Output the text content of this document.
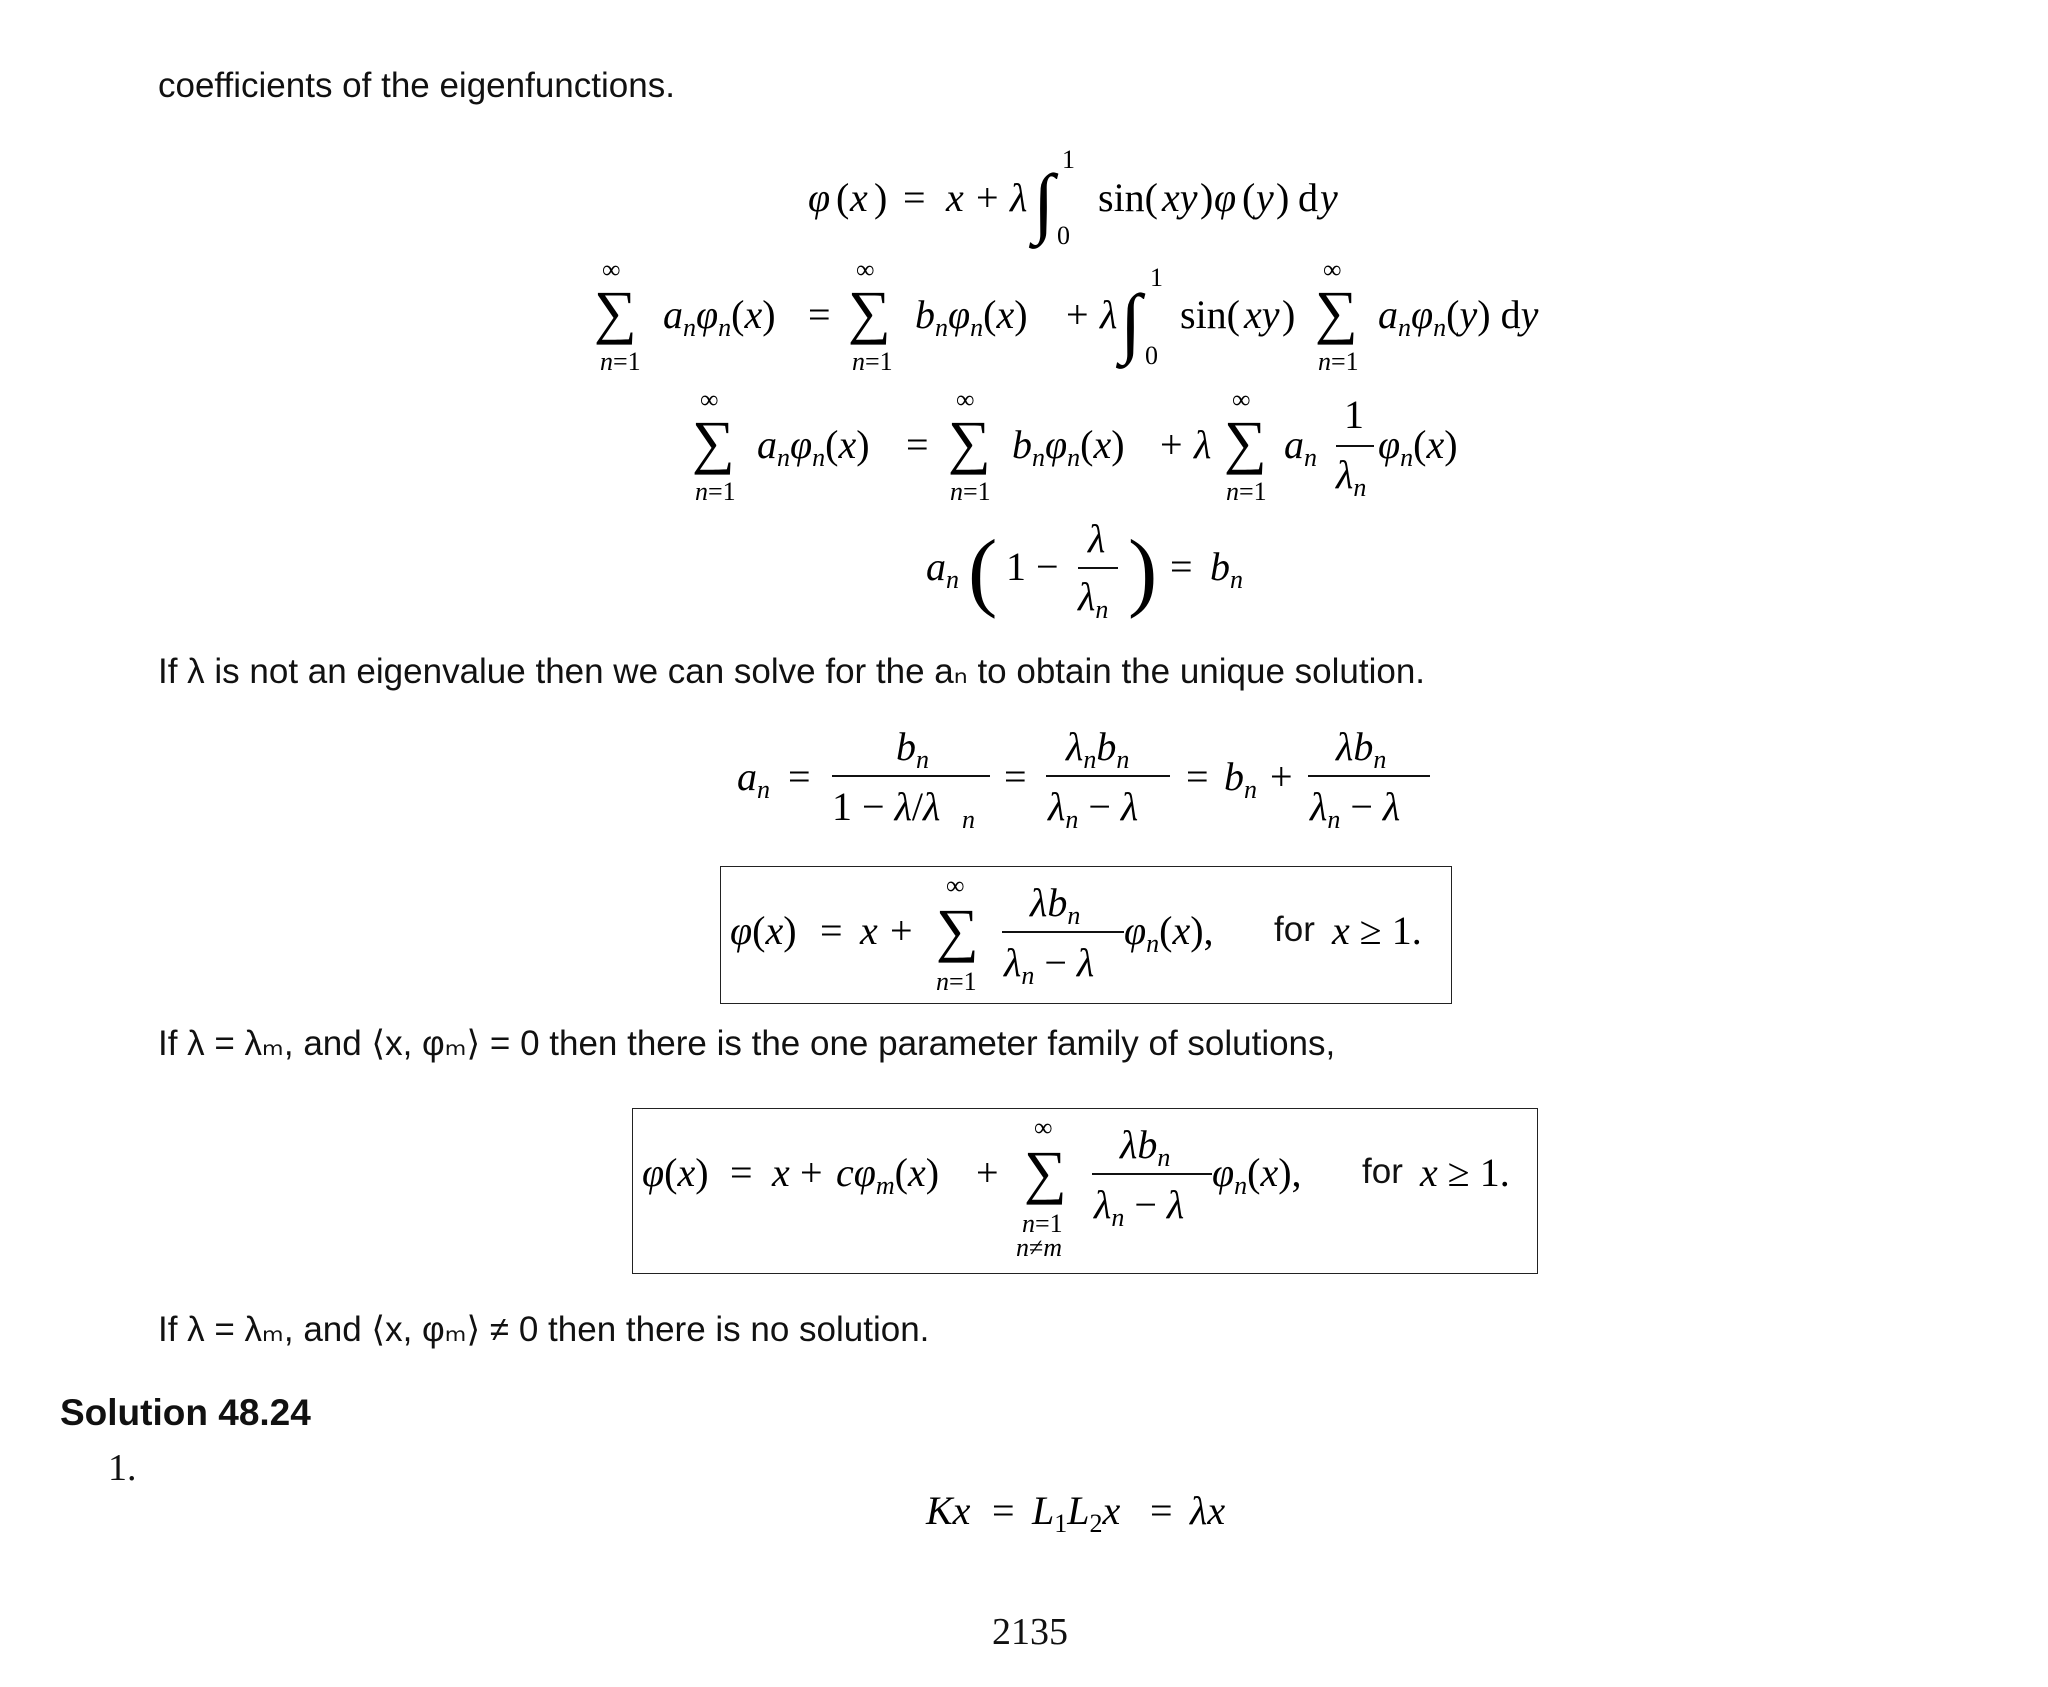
coefficients of the eigenfunctions.
φ ( x ) = x + λ ∫ 1
0
sin( xy ) φ ( y ) d y
∞
∑
n=1
$a_n\varphi_n(x)$ =
∞
∑
n=1
$b_n\varphi_n(x) + \lambda$ ∫
1
0
sin( xy )
∞
∑
n=1
$a_n\varphi_n(y)$ dy
∞
∑
n=1
$a_n\varphi_n(x)$ =
∞
∑
n=1
$b_n\varphi_n(x) + \lambda$
∞
∑
n=1
$a_n$
1
$\lambda_n$
$\varphi_n(x)$
$a_n$ ( 1 −
λ
$\lambda_n$ ) = $b_n$
If λ is not an eigenvalue then we can solve for the aₙ to obtain the unique solution.
$a_n$ =
$b_n$
1 − λ/λ n
=
$\lambda_nb_n$
$\lambda_n - \lambda$
= $b_n$ +
$\lambda b_n$
$\lambda_n - \lambda$
φ(x) = x +
∞
∑
n=1
$\lambda b_n$
$\lambda_n - \lambda$
$\varphi_n(x)$, for x ≥ 1.
If λ = λₘ, and ⟨x, φₘ⟩ = 0 then there is the one parameter family of solutions,
$\varphi(x) = x + c\varphi_m(x)$ +
∞
∑
n=1
n≠m
$\lambda b_n$
$\lambda_n - \lambda$
$\varphi_n(x)$, for x ≥ 1.
If λ = λₘ, and ⟨x, φₘ⟩ ≠ 0 then there is no solution.
Solution 48.24
1.
$Kx = L_1L_2x = \lambda x$
2135
